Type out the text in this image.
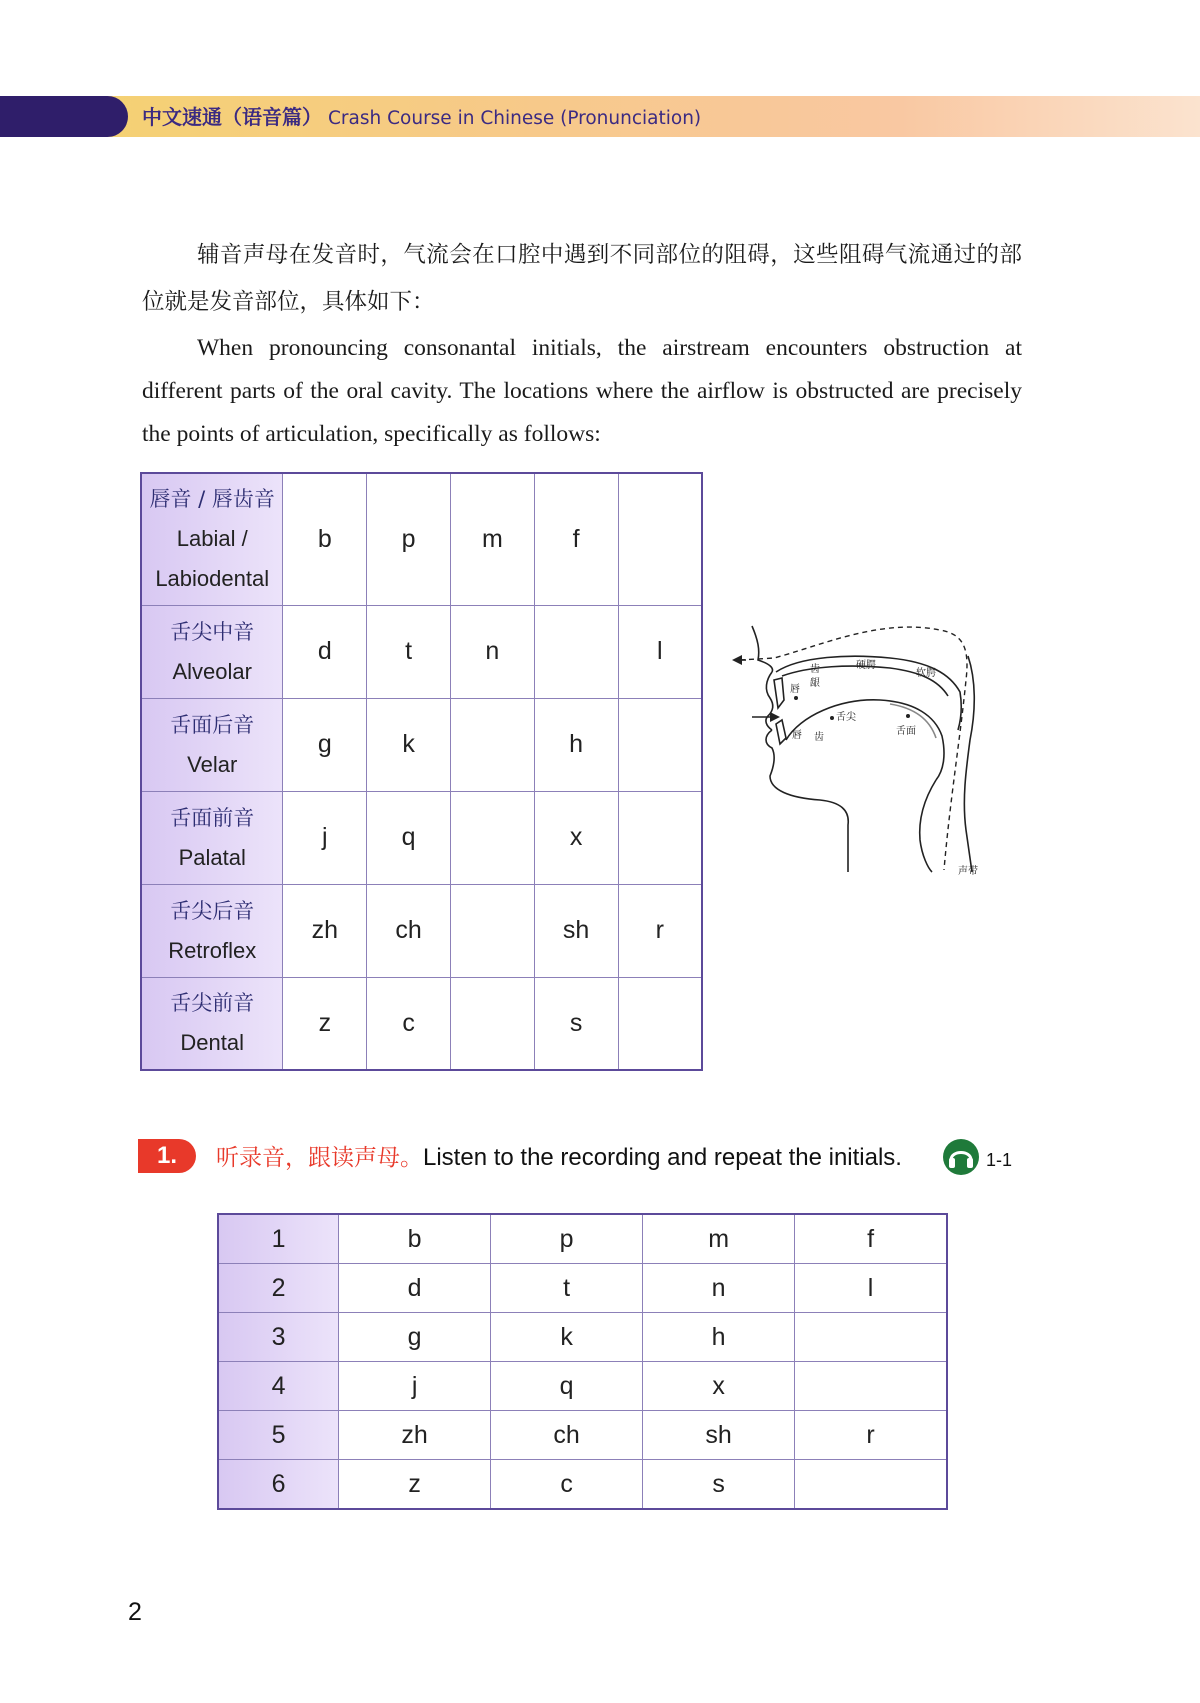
中文速通（语音篇） Crash Course in Chinese (Pronunciation)
辅音声母在发音时，气流会在口腔中遇到不同部位的阻碍，这些阻碍气流通过的部位就是发音部位，具体如下：
When pronouncing consonantal initials, the airstream encounters obstruction at different parts of the oral cavity. The locations where the airflow is obstructed are precisely the points of articulation, specifically as follows:
唇音 / 唇齿音
Labial / Labiodental	b	p	m	f	

舌尖中音
Alveolar	d	t	n		l

舌面后音
Velar	g	k		h	

舌面前音
Palatal	j	q		x	

舌尖后音
Retroflex	zh	ch		sh	r

舌尖前音
Dental	z	c		s	
唇
齿
龈
硬腭
软腭
舌尖
舌面
唇 齿
声带
1.	听录音，跟读声母。Listen to the recording and repeat the initials.	1-1
1	b	p	m	f
2	d	t	n	l
3	g	k	h	
4	j	q	x	
5	zh	ch	sh	r
6	z	c	s	
2
